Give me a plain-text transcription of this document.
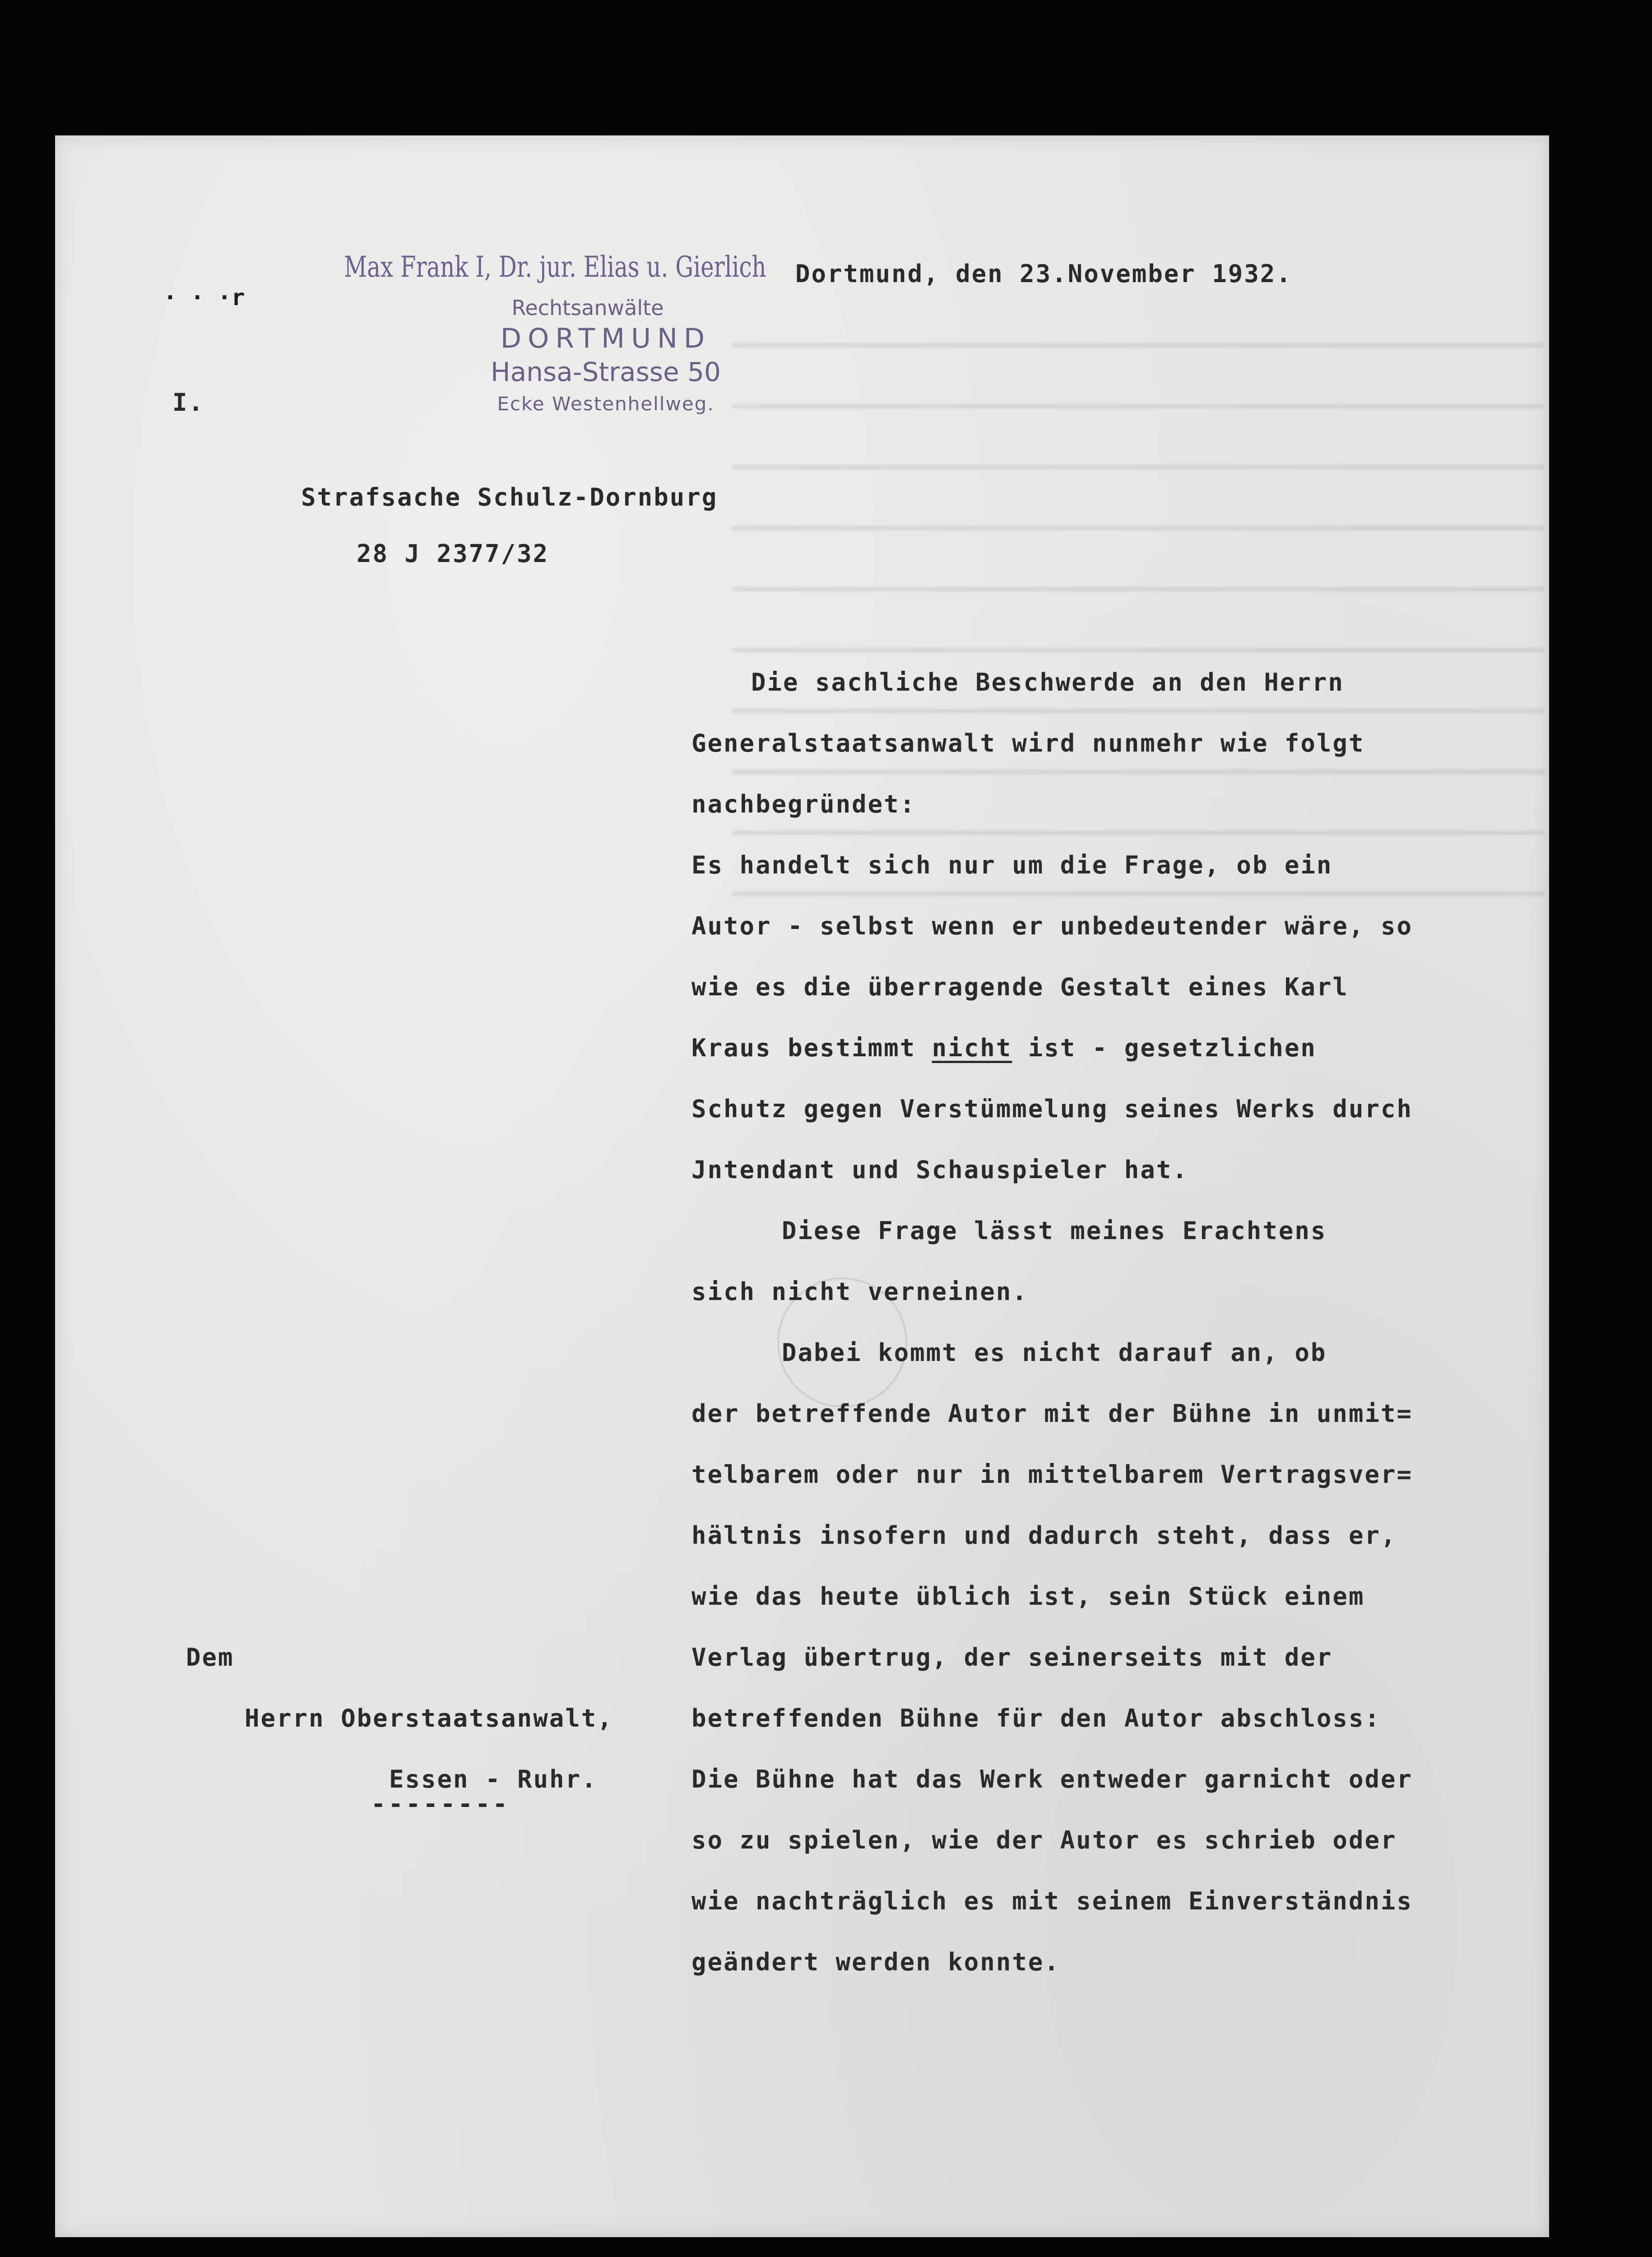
· · ·r
Max Frank I, Dr. jur. Elias u. Gierlich
Rechtsanwälte
DORTMUND
Hansa-Strasse 50
Ecke Westenhellweg.
Dortmund, den 23.November 1932.
I.
Strafsache Schulz-Dornburg
28 J 2377/32
Die sachliche Beschwerde an den Herrn
Generalstaatsanwalt wird nunmehr wie folgt
nachbegründet:
Es handelt sich nur um die Frage, ob ein
Autor - selbst wenn er unbedeutender wäre, so
wie es die überragende Gestalt eines Karl
Kraus bestimmt nicht ist - gesetzlichen
Schutz gegen Verstümmelung seines Werks durch
Jntendant und Schauspieler hat.
Diese Frage lässt meines Erachtens
sich nicht verneinen.
Dabei kommt es nicht darauf an, ob
der betreffende Autor mit der Bühne in unmit=
telbarem oder nur in mittelbarem Vertragsver=
hältnis insofern und dadurch steht, dass er,
wie das heute üblich ist, sein Stück einem
Verlag übertrug, der seinerseits mit der
betreffenden Bühne für den Autor abschloss:
Die Bühne hat das Werk entweder garnicht oder
so zu spielen, wie der Autor es schrieb oder
wie nachträglich es mit seinem Einverständnis
geändert werden konnte.
Dem
Herrn Oberstaatsanwalt,
Essen - Ruhr.
--------
